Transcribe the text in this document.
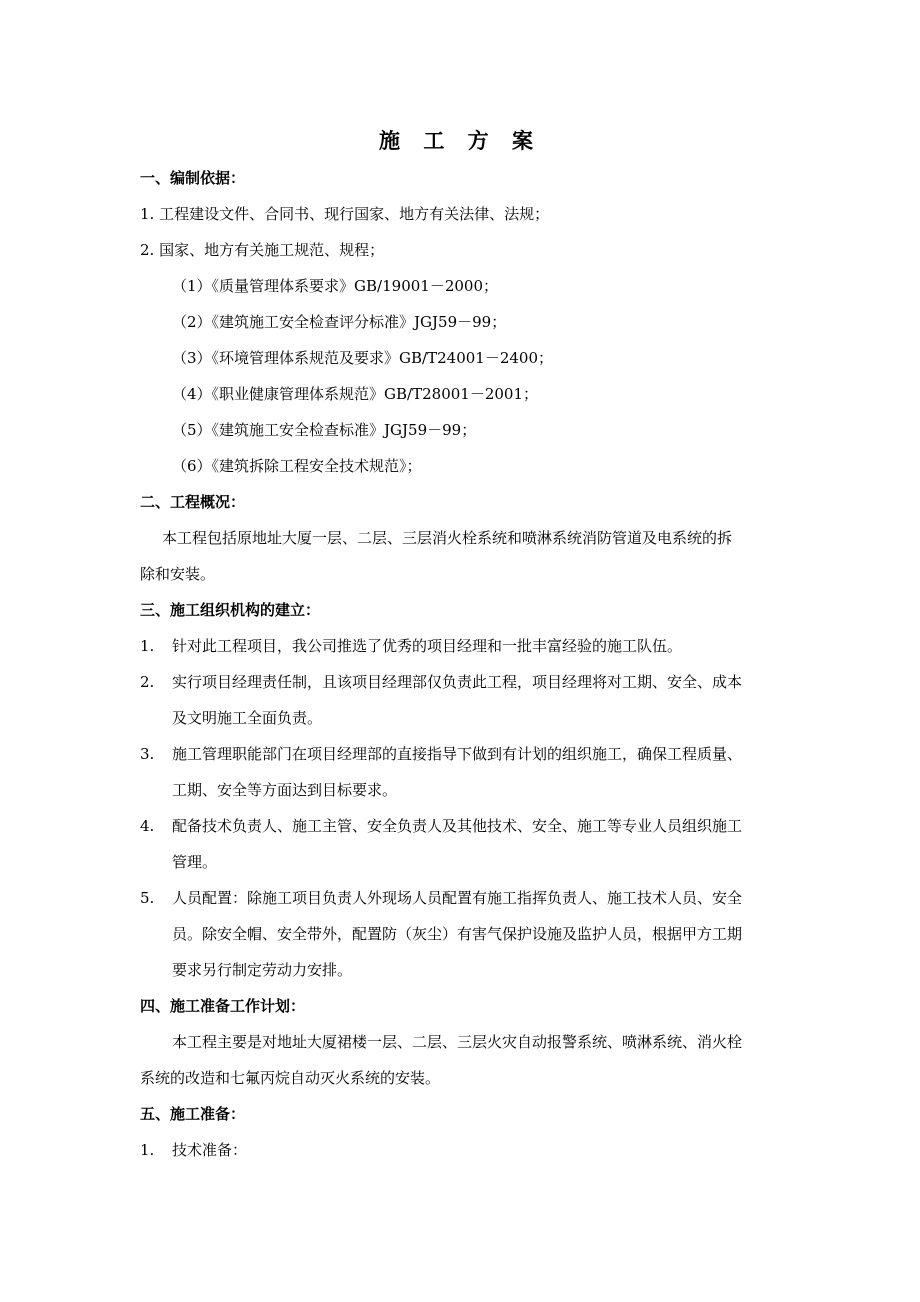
施 工 方 案
一、编制依据：
1. 工程建设文件、合同书、现行国家、地方有关法律、法规；
2. 国家、地方有关施工规范、规程；
（1）《质量管理体系要求》GB/19001－2000；
（2）《建筑施工安全检查评分标准》JGJ59－99；
（3）《环境管理体系规范及要求》GB/T24001－2400；
（4）《职业健康管理体系规范》GB/T28001－2001；
（5）《建筑施工安全检查标准》JGJ59－99；
（6）《建筑拆除工程安全技术规范》；
二、工程概况：
本工程包括原地址大厦一层、二层、三层消火栓系统和喷淋系统消防管道及电系统的拆
除和安装。
三、施工组织机构的建立：
1. 针对此工程项目，我公司推选了优秀的项目经理和一批丰富经验的施工队伍。
2. 实行项目经理责任制，且该项目经理部仅负责此工程，项目经理将对工期、安全、成本
及文明施工全面负责。
3. 施工管理职能部门在项目经理部的直接指导下做到有计划的组织施工，确保工程质量、
工期、安全等方面达到目标要求。
4. 配备技术负责人、施工主管、安全负责人及其他技术、安全、施工等专业人员组织施工
管理。
5. 人员配置：除施工项目负责人外现场人员配置有施工指挥负责人、施工技术人员、安全
员。除安全帽、安全带外，配置防（灰尘）有害气保护设施及监护人员，根据甲方工期
要求另行制定劳动力安排。
四、施工准备工作计划：
本工程主要是对地址大厦裙楼一层、二层、三层火灾自动报警系统、喷淋系统、消火栓
系统的改造和七氟丙烷自动灭火系统的安装。
五、施工准备：
1. 技术准备：
